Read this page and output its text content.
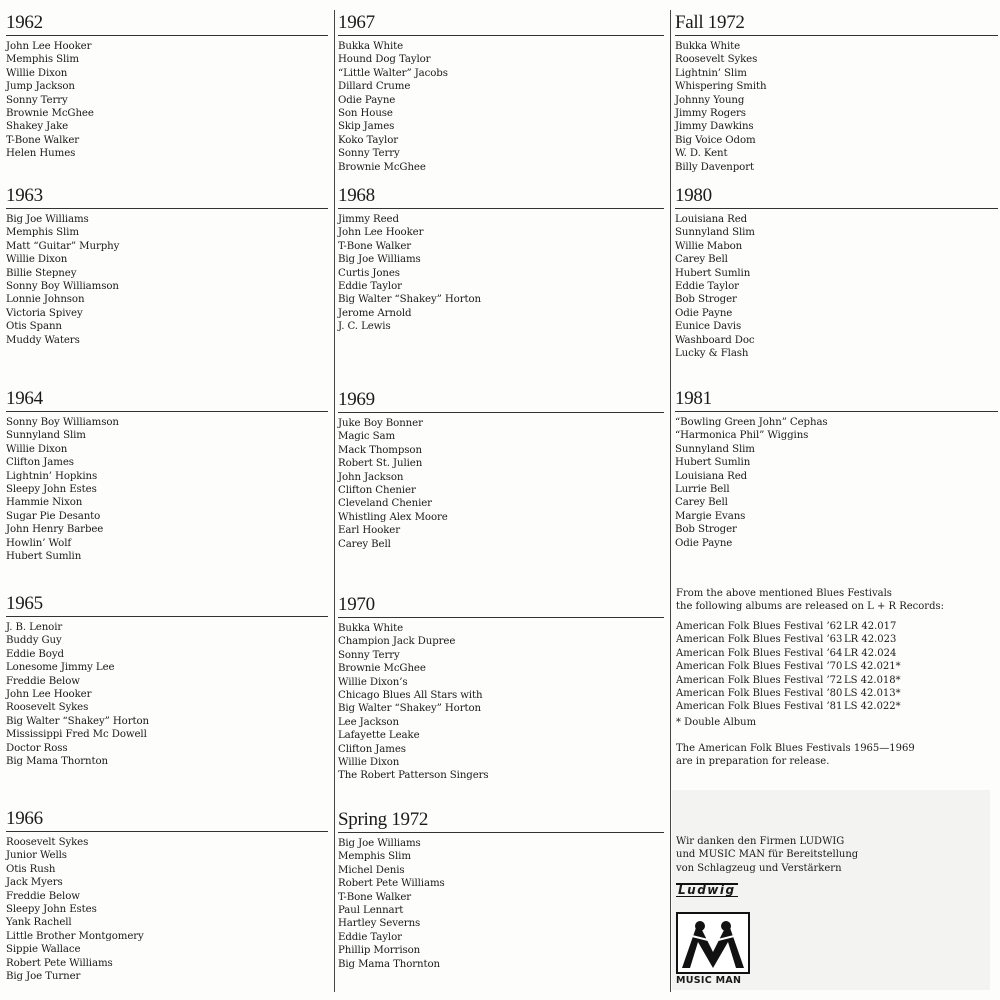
1962
John Lee Hooker
Memphis Slim
Willie Dixon
Jump Jackson
Sonny Terry
Brownie McGhee
Shakey Jake
T-Bone Walker
Helen Humes
1963
Big Joe Williams
Memphis Slim
Matt “Guitar” Murphy
Willie Dixon
Billie Stepney
Sonny Boy Williamson
Lonnie Johnson
Victoria Spivey
Otis Spann
Muddy Waters
1964
Sonny Boy Williamson
Sunnyland Slim
Willie Dixon
Clifton James
Lightnin’ Hopkins
Sleepy John Estes
Hammie Nixon
Sugar Pie Desanto
John Henry Barbee
Howlin’ Wolf
Hubert Sumlin
1965
J. B. Lenoir
Buddy Guy
Eddie Boyd
Lonesome Jimmy Lee
Freddie Below
John Lee Hooker
Roosevelt Sykes
Big Walter “Shakey” Horton
Mississippi Fred Mc Dowell
Doctor Ross
Big Mama Thornton
1966
Roosevelt Sykes
Junior Wells
Otis Rush
Jack Myers
Freddie Below
Sleepy John Estes
Yank Rachell
Little Brother Montgomery
Sippie Wallace
Robert Pete Williams
Big Joe Turner
1967
Bukka White
Hound Dog Taylor
“Little Walter” Jacobs
Dillard Crume
Odie Payne
Son House
Skip James
Koko Taylor
Sonny Terry
Brownie McGhee
1968
Jimmy Reed
John Lee Hooker
T-Bone Walker
Big Joe Williams
Curtis Jones
Eddie Taylor
Big Walter “Shakey” Horton
Jerome Arnold
J. C. Lewis
1969
Juke Boy Bonner
Magic Sam
Mack Thompson
Robert St. Julien
John Jackson
Clifton Chenier
Cleveland Chenier
Whistling Alex Moore
Earl Hooker
Carey Bell
1970
Bukka White
Champion Jack Dupree
Sonny Terry
Brownie McGhee
Willie Dixon’s
Chicago Blues All Stars with
Big Walter “Shakey” Horton
Lee Jackson
Lafayette Leake
Clifton James
Willie Dixon
The Robert Patterson Singers
Spring 1972
Big Joe Williams
Memphis Slim
Michel Denis
Robert Pete Williams
T-Bone Walker
Paul Lennart
Hartley Severns
Eddie Taylor
Phillip Morrison
Big Mama Thornton
Fall 1972
Bukka White
Roosevelt Sykes
Lightnin’ Slim
Whispering Smith
Johnny Young
Jimmy Rogers
Jimmy Dawkins
Big Voice Odom
W. D. Kent
Billy Davenport
1980
Louisiana Red
Sunnyland Slim
Willie Mabon
Carey Bell
Hubert Sumlin
Eddie Taylor
Bob Stroger
Odie Payne
Eunice Davis
Washboard Doc
Lucky & Flash
1981
“Bowling Green John” Cephas
“Harmonica Phil” Wiggins
Sunnyland Slim
Hubert Sumlin
Louisiana Red
Lurrie Bell
Carey Bell
Margie Evans
Bob Stroger
Odie Payne
From the above mentioned Blues Festivals
the following albums are released on L + R Records:
American Folk Blues Festival ’62 LR 42.017
American Folk Blues Festival ’63 LR 42.023
American Folk Blues Festival ’64 LR 42.024
American Folk Blues Festival ’70 LS 42.021*
American Folk Blues Festival ’72 LS 42.018*
American Folk Blues Festival ’80 LS 42.013*
American Folk Blues Festival ’81 LS 42.022*
* Double Album
The American Folk Blues Festivals 1965—1969
are in preparation for release.
Wir danken den Firmen LUDWIG
und MUSIC MAN für Bereitstellung
von Schlagzeug und Verstärkern
Ludwig
MUSIC MAN
